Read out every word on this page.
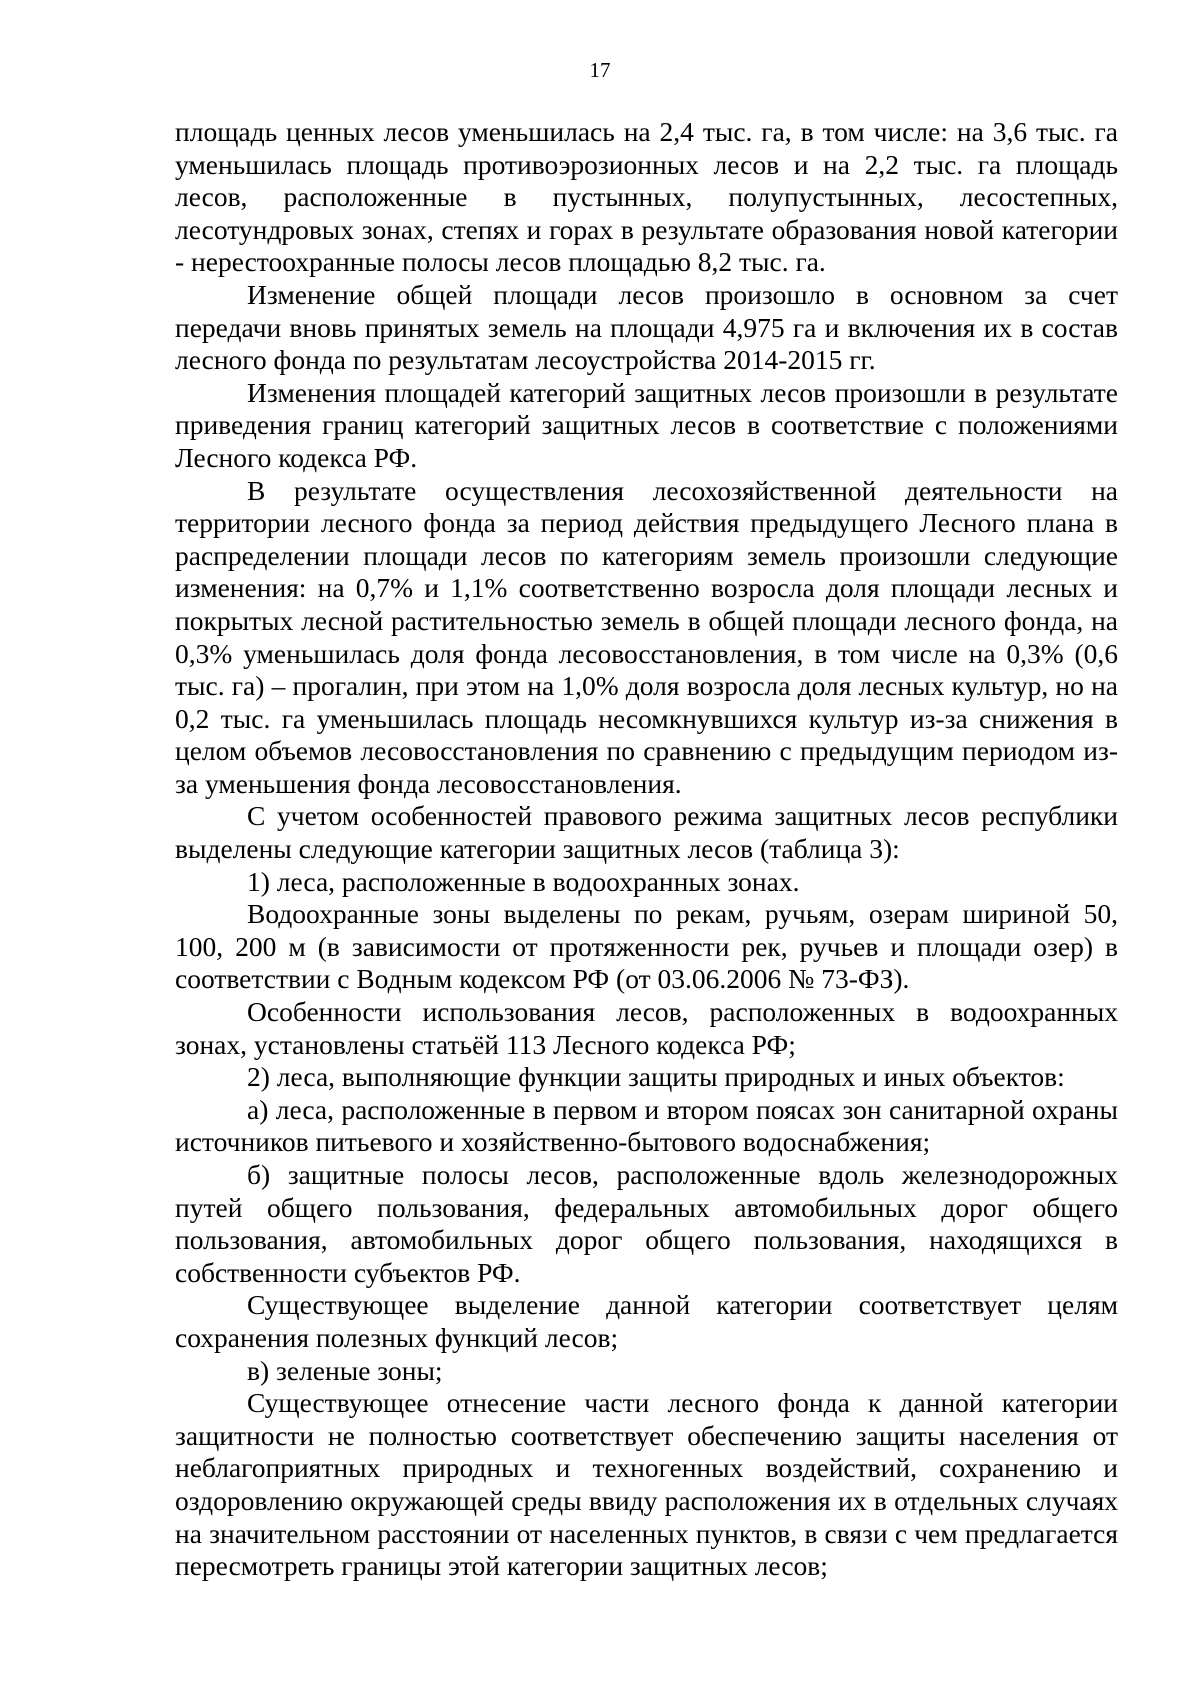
17

площадь ценных лесов уменьшилась на 2,4 тыс. га, в том числе: на 3,6 тыс. га уменьшилась площадь противоэрозионных лесов и на 2,2 тыс. га площадь лесов, расположенные в пустынных, полупустынных, лесостепных, лесотундровых зонах, степях и горах в результате образования новой категории - нерестоохранные полосы лесов площадью 8,2 тыс. га.

Изменение общей площади лесов произошло в основном за счет передачи вновь принятых земель на площади 4,975 га и включения их в состав лесного фонда по результатам лесоустройства 2014-2015 гг.

Изменения площадей категорий защитных лесов произошли в результате приведения границ категорий защитных лесов в соответствие с положениями Лесного кодекса РФ.

В результате осуществления лесохозяйственной деятельности на территории лесного фонда за период действия предыдущего Лесного плана в распределении площади лесов по категориям земель произошли следующие изменения: на 0,7% и 1,1% соответственно возросла доля площади лесных и покрытых лесной растительностью земель в общей площади лесного фонда, на 0,3% уменьшилась доля фонда лесовосстановления, в том числе на 0,3% (0,6 тыс. га) – прогалин, при этом на 1,0% доля возросла доля лесных культур, но на 0,2 тыс. га уменьшилась площадь несомкнувшихся культур из-за снижения в целом объемов лесовосстановления по сравнению с предыдущим периодом из-за уменьшения фонда лесовосстановления.

С учетом особенностей правового режима защитных лесов республики выделены следующие категории защитных лесов (таблица 3):

1) леса, расположенные в водоохранных зонах.

Водоохранные зоны выделены по рекам, ручьям, озерам шириной 50, 100, 200 м (в зависимости от протяженности рек, ручьев и площади озер) в соответствии с Водным кодексом РФ (от 03.06.2006 № 73-ФЗ).

Особенности использования лесов, расположенных в водоохранных зонах, установлены статьёй 113 Лесного кодекса РФ;

2) леса, выполняющие функции защиты природных и иных объектов:

а) леса, расположенные в первом и втором поясах зон санитарной охраны источников питьевого и хозяйственно-бытового водоснабжения;

б) защитные полосы лесов, расположенные вдоль железнодорожных путей общего пользования, федеральных автомобильных дорог общего пользования, автомобильных дорог общего пользования, находящихся в собственности субъектов РФ.

Существующее выделение данной категории соответствует целям сохранения полезных функций лесов;

в) зеленые зоны;

Существующее отнесение части лесного фонда к данной категории защитности не полностью соответствует обеспечению защиты населения от неблагоприятных природных и техногенных воздействий, сохранению и оздоровлению окружающей среды ввиду расположения их в отдельных случаях на значительном расстоянии от населенных пунктов, в связи с чем предлагается пересмотреть границы этой категории защитных лесов;
